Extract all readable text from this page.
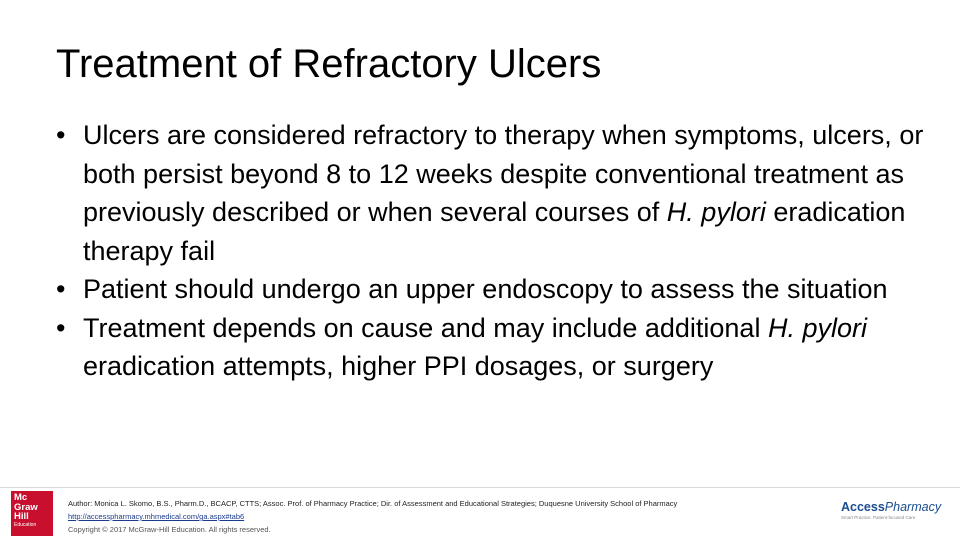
Treatment of Refractory Ulcers
• Ulcers are considered refractory to therapy when symptoms, ulcers, or both persist beyond 8 to 12 weeks despite conventional treatment as previously described or when several courses of H. pylori eradication therapy fail
• Patient should undergo an upper endoscopy to assess the situation
• Treatment depends on cause and may include additional H. pylori eradication attempts, higher PPI dosages, or surgery
Mc
Graw
Hill
Education
Author: Monica L. Skomo, B.S., Pharm.D., BCACP, CTTS; Assoc. Prof. of Pharmacy Practice; Dir. of Assessment and Educational Strategies; Duquesne University School of Pharmacy
http://accesspharmacy.mhmedical.com/ga.aspx#tab6
Copyright © 2017 McGraw-Hill Education. All rights reserved.
AccessPharmacy
Smart Practice. Patient-focused Care.
